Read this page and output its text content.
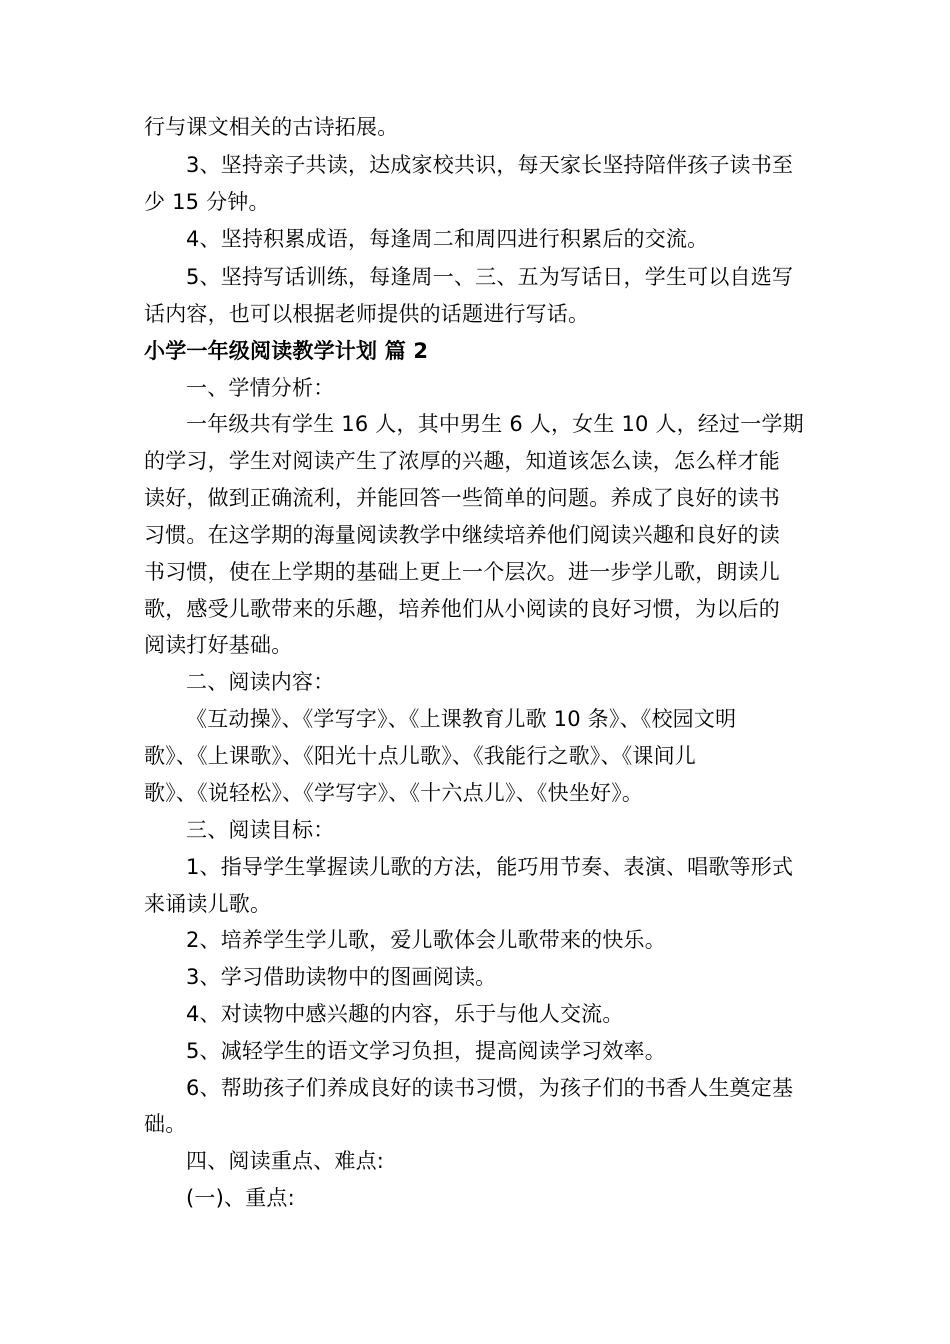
行与课文相关的古诗拓展。
3、坚持亲子共读，达成家校共识，每天家长坚持陪伴孩子读书至
少 15 分钟。
4、坚持积累成语，每逢周二和周四进行积累后的交流。
5、坚持写话训练，每逢周一、三、五为写话日，学生可以自选写
话内容，也可以根据老师提供的话题进行写话。
小学一年级阅读教学计划 篇 2
一、学情分析：
一年级共有学生 16 人，其中男生 6 人，女生 10 人，经过一学期
的学习，学生对阅读产生了浓厚的兴趣，知道该怎么读，怎么样才能
读好，做到正确流利，并能回答一些简单的问题。养成了良好的读书
习惯。在这学期的海量阅读教学中继续培养他们阅读兴趣和良好的读
书习惯，使在上学期的基础上更上一个层次。进一步学儿歌，朗读儿
歌，感受儿歌带来的乐趣，培养他们从小阅读的良好习惯，为以后的
阅读打好基础。
二、阅读内容：
《互动操》、《学写字》、《上课教育儿歌 10 条》、《校园文明
歌》、《上课歌》、《阳光十点儿歌》、《我能行之歌》、《课间儿
歌》、《说轻松》、《学写字》、《十六点儿》、《快坐好》。
三、阅读目标：
1、指导学生掌握读儿歌的方法，能巧用节奏、表演、唱歌等形式
来诵读儿歌。
2、培养学生学儿歌，爱儿歌体会儿歌带来的快乐。
3、学习借助读物中的图画阅读。
4、对读物中感兴趣的内容，乐于与他人交流。
5、减轻学生的语文学习负担，提高阅读学习效率。
6、帮助孩子们养成良好的读书习惯，为孩子们的书香人生奠定基
础。
四、阅读重点、难点:
(一)、重点:
